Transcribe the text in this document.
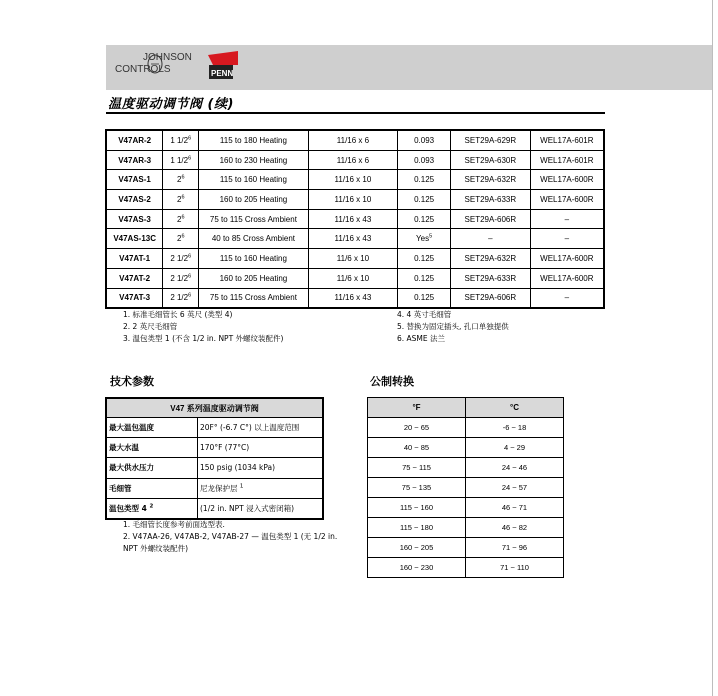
JOHNSON
CONTROLS	PENN
温度驱动调节阀 (续)
V47AR-2	1 $1/2^6$	115 to 180 Heating	11/16 x 6	0.093	SET29A-629R	WEL17A-601R
V47AR-3	1 $1/2^6$	160 to 230 Heating	11/16 x 6	0.093	SET29A-630R	WEL17A-601R
V47AS-1	$2^6$	115 to 160 Heating	11/16 x 10	0.125	SET29A-632R	WEL17A-600R
V47AS-2	$2^6$	160 to 205 Heating	11/16 x 10	0.125	SET29A-633R	WEL17A-600R
V47AS-3	$2^6$	75 to 115 Cross Ambient	11/16 x 43	0.125	SET29A-606R	–
V47AS-13C	$2^6$	40 to 85 Cross Ambient	11/16 x 43	Yes$^5$	–	–
V47AT-1	2 $1/2^6$	115 to 160 Heating	11/6 x 10	0.125	SET29A-632R	WEL17A-600R
V47AT-2	2 $1/2^6$	160 to 205 Heating	11/6 x 10	0.125	SET29A-633R	WEL17A-600R
V47AT-3	2 $1/2^6$	75 to 115 Cross Ambient	11/16 x 43	0.125	SET29A-606R	–
1. 标准毛细管长 6 英尺 (类型 4)
2. 2 英尺毛细管
3. 温包类型 1 (不含 1/2 in. NPT 外螺纹装配件)
4. 4 英寸毛细管
5. 替换为固定插头, 孔口单独提供
6. ASME 法兰
技术参数	公制转换
V47 系列温度驱动调节阀	
最大温包温度	20F° (-6.7 C°) 以上温度范围
最大水温	170°F (77°C)
最大供水压力	150 psig (1034 kPa)
毛细管	尼龙保护层 $^1$
温包类型 4 $^2$	(1/2 in. NPT 浸入式密闭箱)
1. 毛细管长度参考前面选型表.
2. V47AA-26, V47AB-2, V47AB-27 — 温包类型 1 (无 1/2 in.
NPT 外螺纹装配件)
°F	°C
20 ~ 65	-6 ~ 18
40 ~ 85	4 ~ 29
75 ~ 115	24 ~ 46
75 ~ 135	24 ~ 57
115 ~ 160	46 ~ 71
115 ~ 180	46 ~ 82
160 ~ 205	71 ~ 96
160 ~ 230	71 ~ 110
